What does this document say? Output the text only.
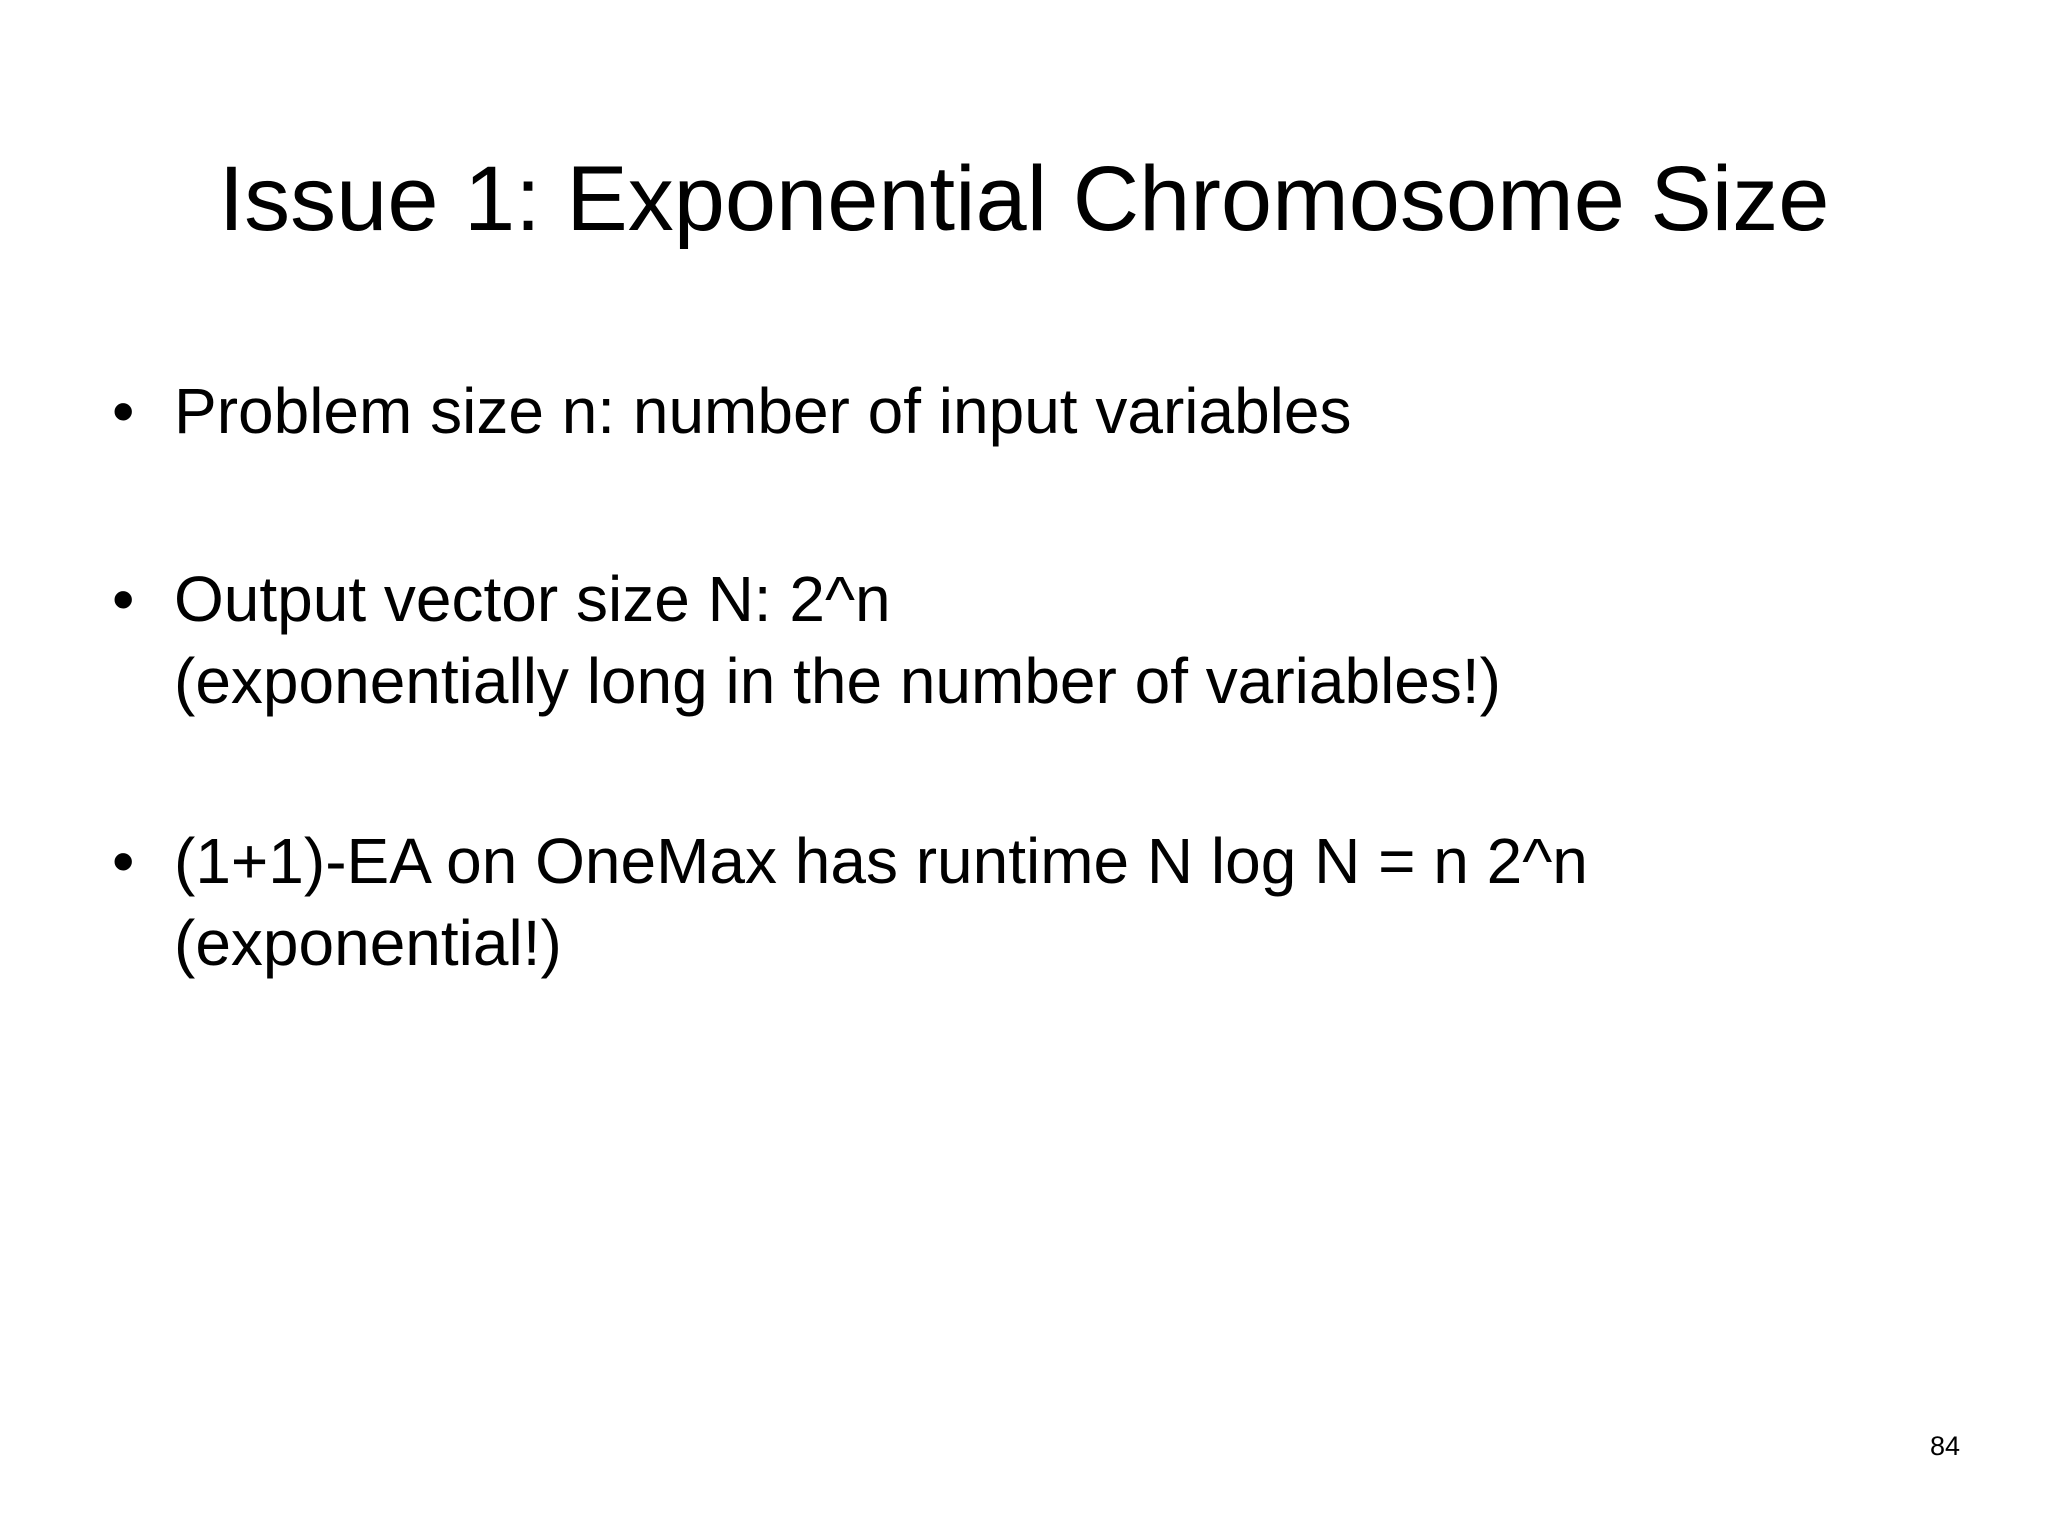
Issue 1: Exponential Chromosome Size
• Problem size n: number of input variables
• Output vector size N: 2^n
(exponentially long in the number of variables!)
• (1+1)-EA on OneMax has runtime N log N = n 2^n
(exponential!)
84
